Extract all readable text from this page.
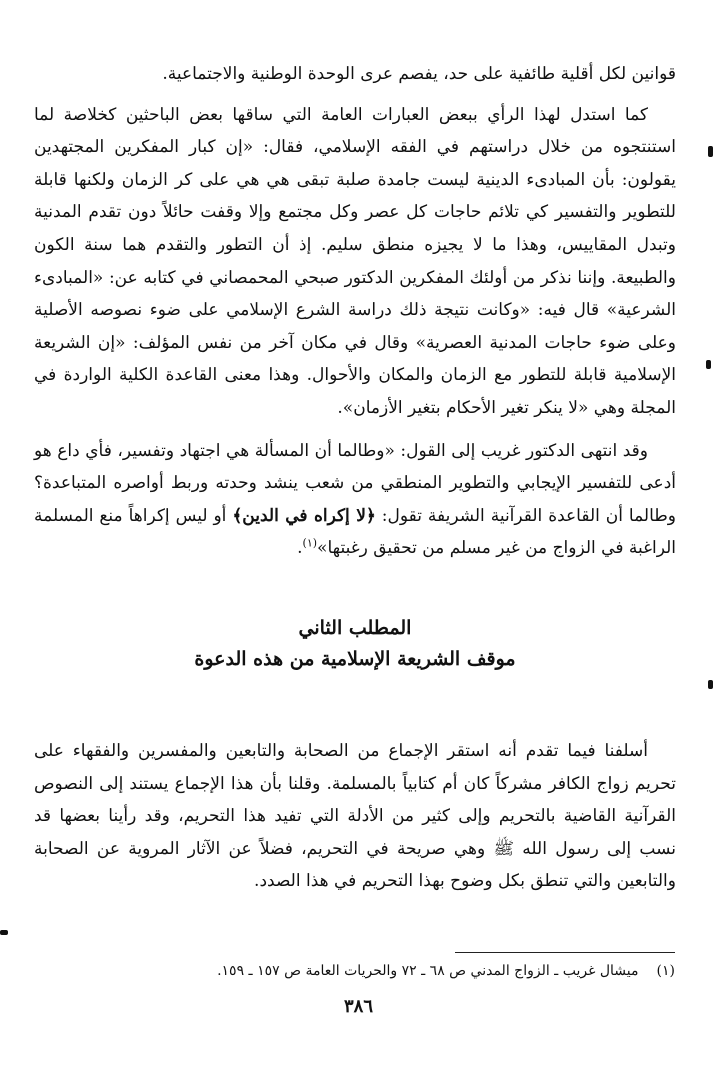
قوانين لكل أقلية طائفية على حد، يفصم عرى الوحدة الوطنية والاجتماعية.

كما استدل لهذا الرأي ببعض العبارات العامة التي ساقها بعض الباحثين كخلاصة لما استنتجوه من خلال دراستهم في الفقه الإسلامي، فقال: «إن كبار المفكرين المجتهدين يقولون: بأن المبادىء الدينية ليست جامدة صلبة تبقى هي هي على كر الزمان ولكنها قابلة للتطوير والتفسير كي تلائم حاجات كل عصر وكل مجتمع وإلا وقفت حائلاً دون تقدم المدنية وتبدل المقاييس، وهذا ما لا يجيزه منطق سليم. إذ أن التطور والتقدم هما سنة الكون والطبيعة. وإننا نذكر من أولئك المفكرين الدكتور صبحي المحمصاني في كتابه عن: «المبادىء الشرعية» قال فيه: «وكانت نتيجة ذلك دراسة الشرع الإسلامي على ضوء نصوصه الأصلية وعلى ضوء حاجات المدنية العصرية» وقال في مكان آخر من نفس المؤلف: «إن الشريعة الإسلامية قابلة للتطور مع الزمان والمكان والأحوال. وهذا معنى القاعدة الكلية الواردة في المجلة وهي «لا ينكر تغير الأحكام بتغير الأزمان».

وقد انتهى الدكتور غريب إلى القول: «وطالما أن المسألة هي اجتهاد وتفسير، فأي داع هو أدعى للتفسير الإيجابي والتطوير المنطقي من شعب ينشد وحدته وربط أواصره المتباعدة؟ وطالما أن القاعدة القرآنية الشريفة تقول: ﴿لا إكراه في الدين﴾ أو ليس إكراهاً منع المسلمة الراغبة في الزواج من غير مسلم من تحقيق رغبتها»$^{(١)}$.

المطلب الثاني
موقف الشريعة الإسلامية من هذه الدعوة

أسلفنا فيما تقدم أنه استقر الإجماع من الصحابة والتابعين والمفسرين والفقهاء على تحريم زواج الكافر مشركاً كان أم كتابياً بالمسلمة. وقلنا بأن هذا الإجماع يستند إلى النصوص القرآنية القاضية بالتحريم وإلى كثير من الأدلة التي تفيد هذا التحريم، وقد رأينا بعضها قد نسب إلى رسول الله ﷺ وهي صريحة في التحريم، فضلاً عن الآثار المروية عن الصحابة والتابعين والتي تنطق بكل وضوح بهذا التحريم في هذا الصدد.

(١)ميشال غريب ـ الزواج المدني ص ٦٨ ـ ٧٢ والحريات العامة ص ١٥٧ ـ ١٥٩.
٣٨٦
